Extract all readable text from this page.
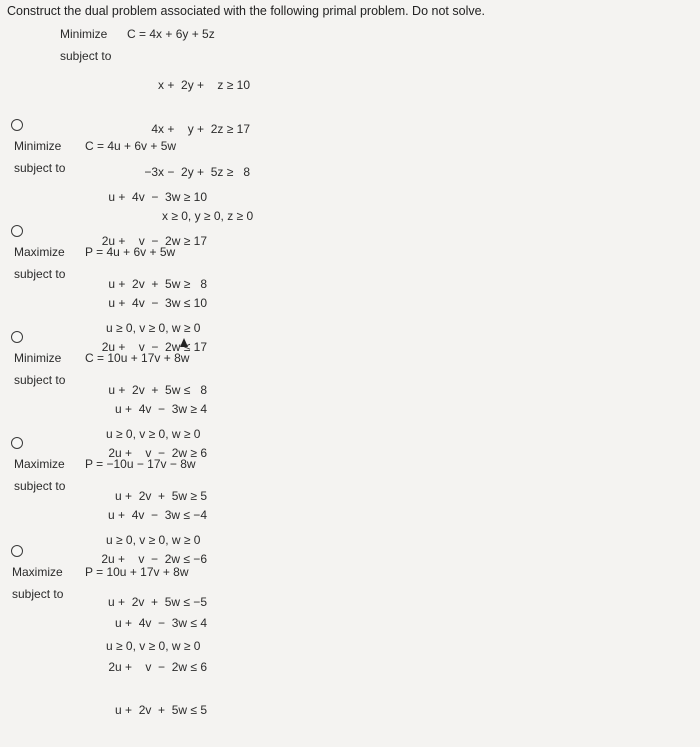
Construct the dual problem associated with the following primal problem. Do not solve.
Minimize C = 4x + 6y + 5z
subject to

x +  2y +    z ≥ 10

4x +    y +  2z ≥ 17

−3x −  2y +  5z ≥   8

x ≥ 0, y ≥ 0, z ≥ 0

Minimize C = 4u + 6v + 5w
subject to

u +  4v  −  3w ≥ 10

2u +    v  −  2w ≥ 17

u +  2v  +  5w ≥   8

u ≥ 0, v ≥ 0, w ≥ 0

Maximize P = 4u + 6v + 5w
subject to

u +  4v  −  3w ≤ 10

2u +    v  −  2w ≤ 17

u +  2v  +  5w ≤   8

u ≥ 0, v ≥ 0, w ≥ 0

Minimize C = 10u + 17v + 8w
subject to

u +  4v  −  3w ≥ 4

2u +    v  −  2w ≥ 6

u +  2v  +  5w ≥ 5

u ≥ 0, v ≥ 0, w ≥ 0

Maximize P = −10u − 17v − 8w
subject to

u +  4v  −  3w ≤ −4

2u +    v  −  2w ≤ −6

u +  2v  +  5w ≤ −5

u ≥ 0, v ≥ 0, w ≥ 0

Maximize P = 10u + 17v + 8w
subject to

u +  4v  −  3w ≤ 4

2u +    v  −  2w ≤ 6

u +  2v  +  5w ≤ 5
